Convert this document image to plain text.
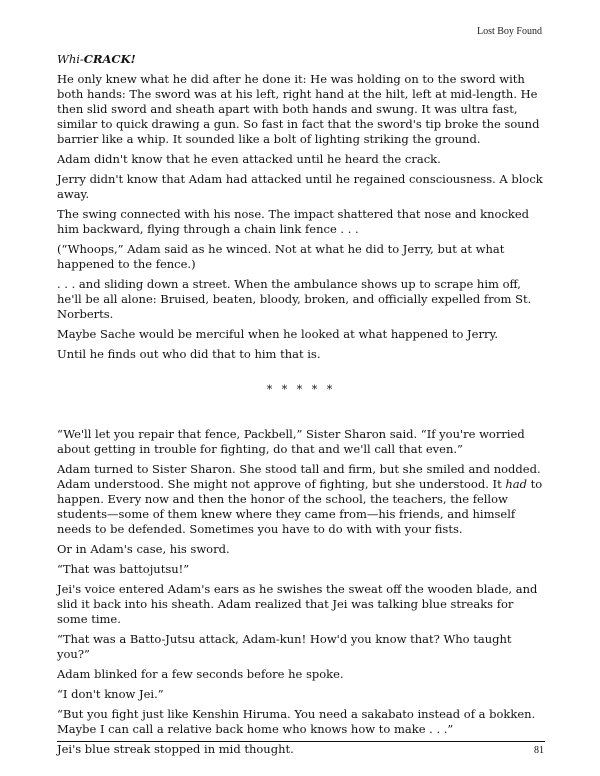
Lost Boy Found

Whi-CRACK!

He only knew what he did after he done it: He was holding on to the sword with both hands: The sword was at his left, right hand at the hilt, left at mid-length. He then slid sword and sheath apart with both hands and swung. It was ultra fast, similar to quick drawing a gun. So fast in fact that the sword's tip broke the sound barrier like a whip. It sounded like a bolt of lighting striking the ground.

Adam didn't know that he even attacked until he heard the crack.

Jerry didn't know that Adam had attacked until he regained consciousness. A block away.

The swing connected with his nose. The impact shattered that nose and knocked him backward, flying through a chain link fence . . .

(“Whoops,” Adam said as he winced. Not at what he did to Jerry, but at what happened to the fence.)

. . . and sliding down a street. When the ambulance shows up to scrape him off, he'll be all alone: Bruised, beaten, bloody, broken, and officially expelled from St. Norberts.

Maybe Sache would be merciful when he looked at what happened to Jerry.

Until he finds out who did that to him that is.

* * * * *

“We'll let you repair that fence, Packbell,” Sister Sharon said. “If you're worried about getting in trouble for fighting, do that and we'll call that even.”

Adam turned to Sister Sharon. She stood tall and firm, but she smiled and nodded. Adam understood. She might not approve of fighting, but she understood. It had to happen. Every now and then the honor of the school, the teachers, the fellow students—some of them knew where they came from—his friends, and himself needs to be defended. Sometimes you have to do with with your fists.

Or in Adam's case, his sword.

“That was battojutsu!”

Jei's voice entered Adam's ears as he swishes the sweat off the wooden blade, and slid it back into his sheath. Adam realized that Jei was talking blue streaks for some time.

“That was a Batto-Jutsu attack, Adam-kun! How'd you know that? Who taught you?”

Adam blinked for a few seconds before he spoke.

“I don't know Jei.”

“But you fight just like Kenshin Hiruma. You need a sakabato instead of a bokken. Maybe I can call a relative back home who knows how to make . . .”

Jei's blue streak stopped in mid thought.	81
